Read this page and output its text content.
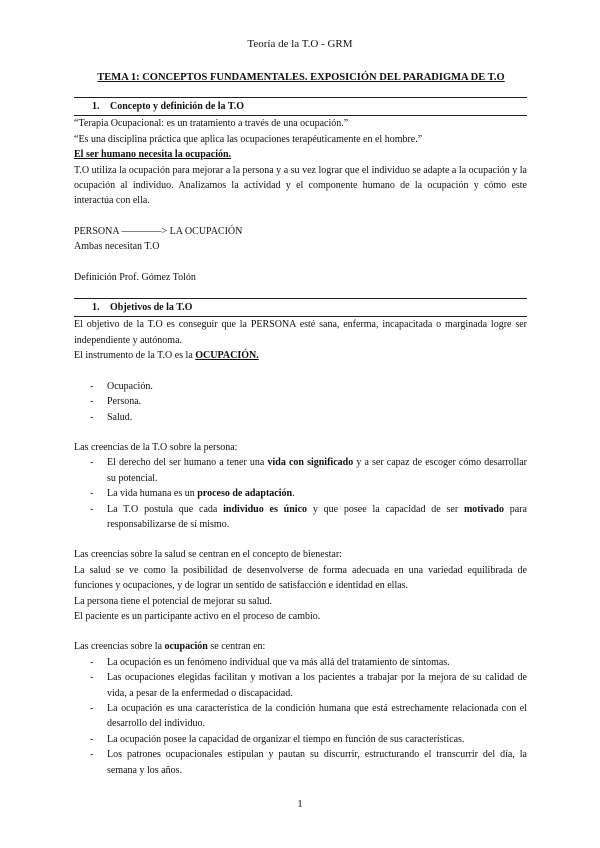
Teoría de la T.O - GRM
TEMA 1: CONCEPTOS FUNDAMENTALES. EXPOSICIÓN DEL PARADIGMA DE T.O
1. Concepto y definición de la T.O

“Terapia Ocupacional: es un tratamiento a través de una ocupación.”

“Es una disciplina práctica que aplica las ocupaciones terapéuticamente en el hombre.”

El ser humano necesita la ocupación.

T.O utiliza la ocupación para mejorar a la persona y a su vez lograr que el individuo se adapte a la ocupación y la ocupación al individuo. Analizamos la actividad y el componente humano de la ocupación y cómo este interactúa con ella.

PERSONA ————> LA OCUPACIÓN

Ambas necesitan T.O

Definición Prof. Gómez Tolón

1. Objetivos de la T.O

El objetivo de la T.O es conseguir que la PERSONA esté sana, enferma, incapacitada o marginada logre ser independiente y autónoma.

El instrumento de la T.O es la OCUPACIÓN.

- Ocupación.
- Persona.
- Salud.

Las creencias de la T.O sobre la persona:

- El derecho del ser humano a tener una vida con significado y a ser capaz de escoger cómo desarrollar su potencial.
- La vida humana es un proceso de adaptación.
- La T.O postula que cada individuo es único y que posee la capacidad de ser motivado para responsabilizarse de sí mismo.

Las creencias sobre la salud se centran en el concepto de bienestar:

La salud se ve como la posibilidad de desenvolverse de forma adecuada en una variedad equilibrada de funciones y ocupaciones, y de lograr un sentido de satisfacción e identidad en ellas.

La persona tiene el potencial de mejorar su salud.

El paciente es un participante activo en el proceso de cambio.

Las creencias sobre la ocupación se centran en:

- La ocupación es un fenómeno individual que va más allá del tratamiento de síntomas.
- Las ocupaciones elegidas facilitan y motivan a los pacientes a trabajar por la mejora de su calidad de vida, a pesar de la enfermedad o discapacidad.
- La ocupación es una característica de la condición humana que está estrechamente relacionada con el desarrollo del individuo.
- La ocupación posee la capacidad de organizar el tiempo en función de sus características.
- Los patrones ocupacionales estipulan y pautan su discurrir, estructurando el transcurrir del día, la semana y los años.
1
